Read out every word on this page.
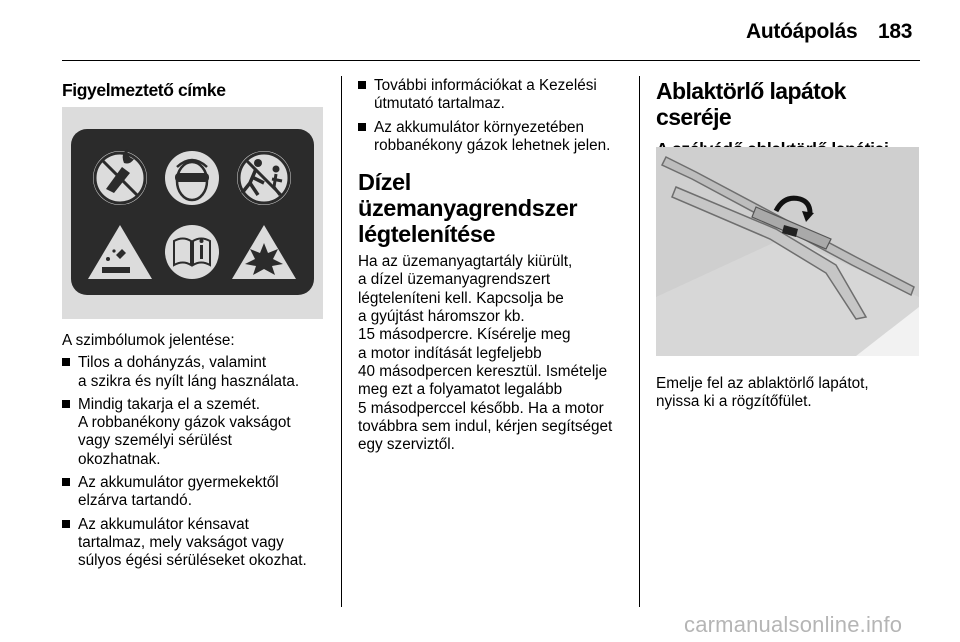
Autóápolás 183
Figyelmeztető címke

A szimbólumok jelentése:

Tilos a dohányzás, valamint
a szikra és nyílt láng használata.
Mindig takarja el a szemét.
A robbanékony gázok vakságot
vagy személyi sérülést
okozhatnak.
Az akkumulátor gyermekektől
elzárva tartandó.
Az akkumulátor kénsavat
tartalmaz, mely vakságot vagy
súlyos égési sérüléseket okozhat.
További információkat a Kezelési
útmutató tartalmaz.
Az akkumulátor környezetében
robbanékony gázok lehetnek jelen.
Dízel üzemanyagrendszer
légtelenítése
Ha az üzemanyagtartály kiürült,
a dízel üzemanyagrendszert
légteleníteni kell. Kapcsolja be
a gyújtást háromszor kb.
15 másodpercre. Kísérelje meg
a motor indítását legfeljebb
40 másodpercen keresztül. Ismételje
meg ezt a folyamatot legalább
5 másodperccel később. Ha a motor
továbbra sem indul, kérjen segítséget
egy szerviztől.
Ablaktörlő lapátok cseréje
Emelje fel az ablaktörlő lapátot,
nyissa ki a rögzítőfület.
carmanualsonline.info
